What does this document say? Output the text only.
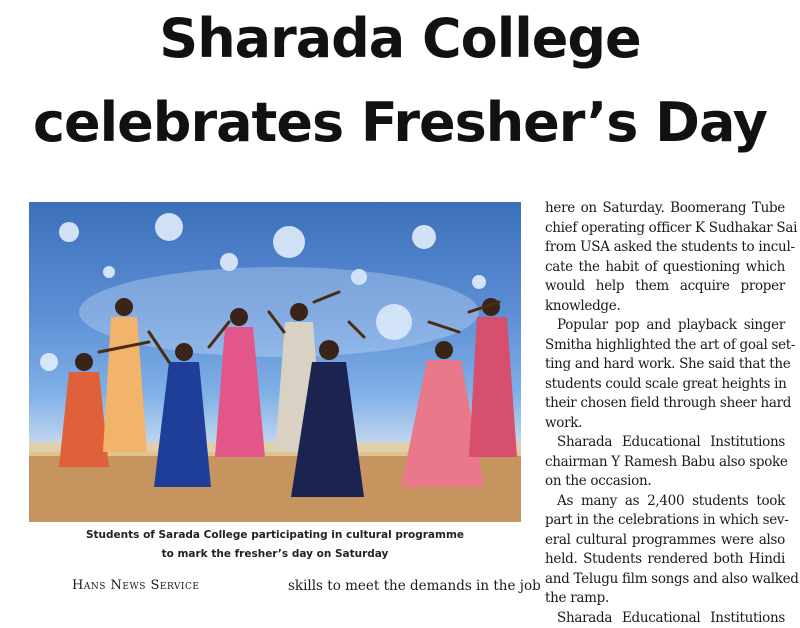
Sharada College
celebrates Fresher’s Day
Students of Sarada College participating in cultural programme
to mark the fresher’s day on Saturday
Hans News Service	skills to meet the demands in the job
here on Saturday. Boomerang Tube
chief operating officer K Sudhakar Sai
from USA asked the students to incul-
cate the habit of questioning which
would help them acquire proper
knowledge.
Popular pop and playback singer
Smitha highlighted the art of goal set-
ting and hard work. She said that the
students could scale great heights in
their chosen field through sheer hard
work.
Sharada Educational Institutions
chairman Y Ramesh Babu also spoke
on the occasion.
As many as 2,400 students took
part in the celebrations in which sev-
eral cultural programmes were also
held. Students rendered both Hindi
and Telugu film songs and also walked
the ramp.
Sharada Educational Institutions
